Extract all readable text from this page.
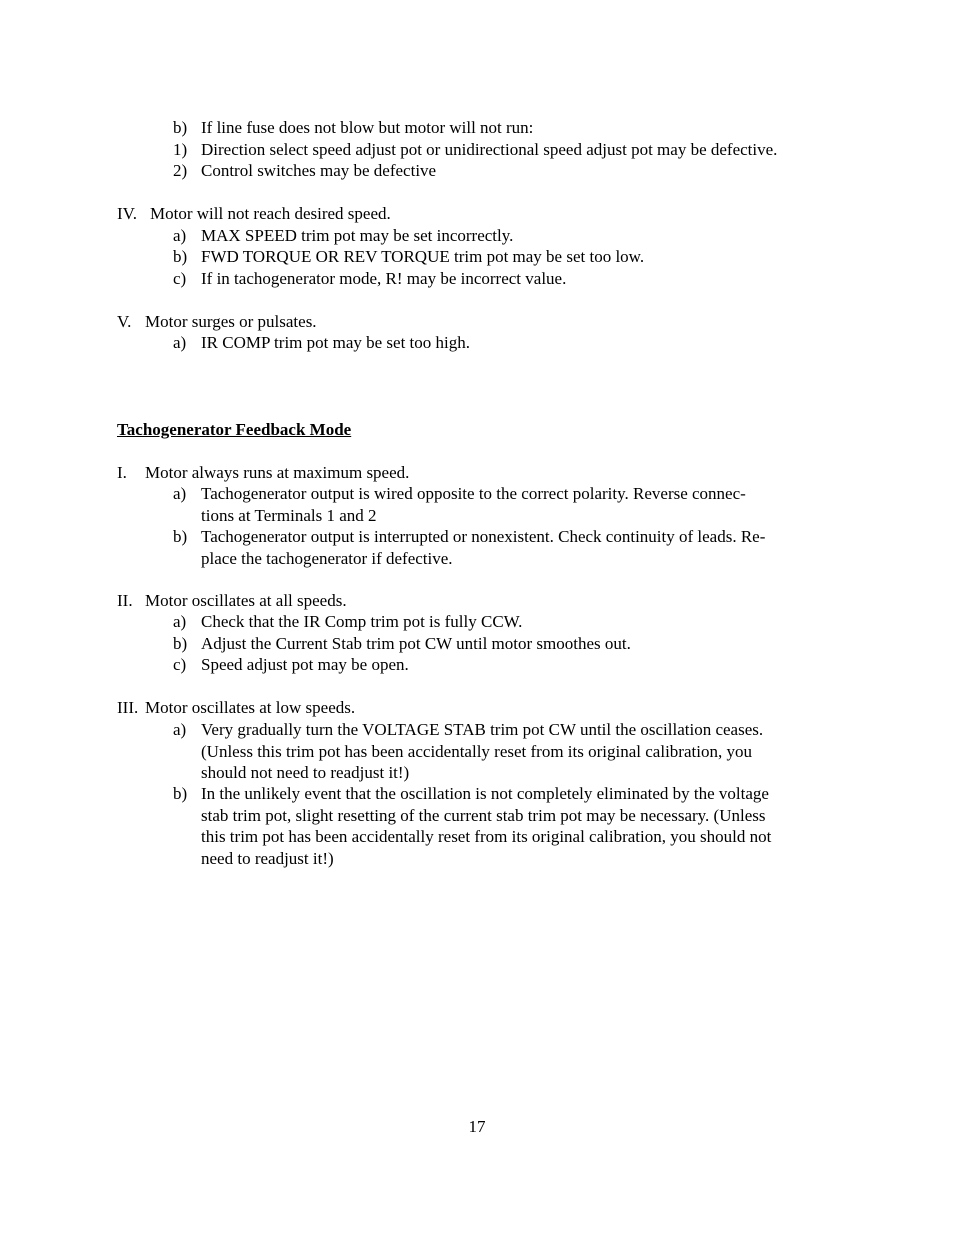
b) If line fuse does not blow but motor will not run:
1) Direction select speed adjust pot or unidirectional speed adjust pot may be defective.
2) Control switches may be defective
IV. Motor will not reach desired speed.
a) MAX SPEED trim pot may be set incorrectly.
b) FWD TORQUE OR REV TORQUE trim pot may be set too low.
c) If in tachogenerator mode, R! may be incorrect value.
V. Motor surges or pulsates.
a) IR COMP trim pot may be set too high.
Tachogenerator Feedback Mode
I. Motor always runs at maximum speed.
a) Tachogenerator output is wired opposite to the correct polarity. Reverse connec-
tions at Terminals 1 and 2
b) Tachogenerator output is interrupted or nonexistent. Check continuity of leads. Re-
place the tachogenerator if defective.
II. Motor oscillates at all speeds.
a) Check that the IR Comp trim pot is fully CCW.
b) Adjust the Current Stab trim pot CW until motor smoothes out.
c) Speed adjust pot may be open.
III. Motor oscillates at low speeds.
a) Very gradually turn the VOLTAGE STAB trim pot CW until the oscillation ceases.
(Unless this trim pot has been accidentally reset from its original calibration, you
should not need to readjust it!)
b) In the unlikely event that the oscillation is not completely eliminated by the voltage
stab trim pot, slight resetting of the current stab trim pot may be necessary. (Unless
this trim pot has been accidentally reset from its original calibration, you should not
need to readjust it!)
17
